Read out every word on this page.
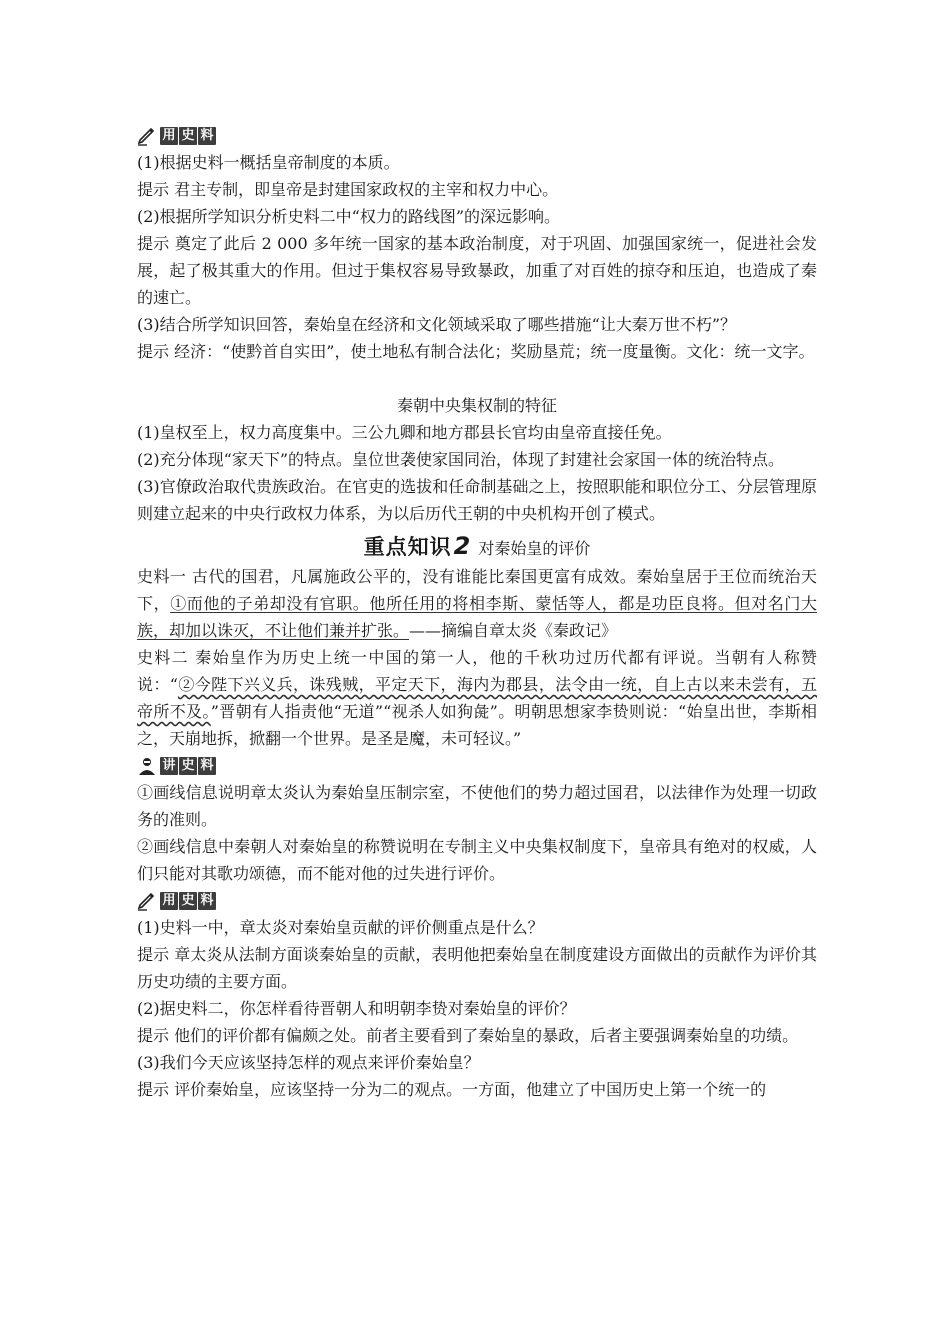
用 史 料
(1)根据史料一概括皇帝制度的本质。
提示 君主专制，即皇帝是封建国家政权的主宰和权力中心。
(2)根据所学知识分析史料二中“权力的路线图”的深远影响。
提示 奠定了此后 2 000 多年统一国家的基本政治制度，对于巩固、加强国家统一，促进社会发展，起了极其重大的作用。但过于集权容易导致暴政，加重了对百姓的掠夺和压迫，也造成了秦的速亡。
(3)结合所学知识回答，秦始皇在经济和文化领域采取了哪些措施“让大秦万世不朽”？
提示 经济：“使黔首自实田”，使土地私有制合法化；奖励垦荒；统一度量衡。文化：统一文字。
秦朝中央集权制的特征
(1)皇权至上，权力高度集中。三公九卿和地方郡县长官均由皇帝直接任免。
(2)充分体现“家天下”的特点。皇位世袭使家国同治，体现了封建社会家国一体的统治特点。
(3)官僚政治取代贵族政治。在官吏的选拔和任命制基础之上，按照职能和职位分工、分层管理原则建立起来的中央行政权力体系，为以后历代王朝的中央机构开创了模式。
重点知识2 对秦始皇的评价
史料一 古代的国君，凡属施政公平的，没有谁能比秦国更富有成效。秦始皇居于王位而统治天下，①而他的子弟却没有官职。他所任用的将相李斯、蒙恬等人，都是功臣良将。但对名门大族，却加以诛灭，不让他们兼并扩张。——摘编自章太炎《秦政记》
史料二 秦始皇作为历史上统一中国的第一人，他的千秋功过历代都有评说。当朝有人称赞说：“②今陛下兴义兵，诛残贼，平定天下，海内为郡县，法令由一统，自上古以来未尝有，五帝所不及。”晋朝有人指责他“无道”“视杀人如狗彘”。明朝思想家李贽则说：“始皇出世，李斯相之，天崩地拆，掀翻一个世界。是圣是魔，未可轻议。”
讲 史 料
①画线信息说明章太炎认为秦始皇压制宗室，不使他们的势力超过国君，以法律作为处理一切政务的准则。
②画线信息中秦朝人对秦始皇的称赞说明在专制主义中央集权制度下，皇帝具有绝对的权威，人们只能对其歌功颂德，而不能对他的过失进行评价。
用 史 料
(1)史料一中，章太炎对秦始皇贡献的评价侧重点是什么？
提示 章太炎从法制方面谈秦始皇的贡献，表明他把秦始皇在制度建设方面做出的贡献作为评价其历史功绩的主要方面。
(2)据史料二，你怎样看待晋朝人和明朝李贽对秦始皇的评价？
提示 他们的评价都有偏颇之处。前者主要看到了秦始皇的暴政，后者主要强调秦始皇的功绩。
(3)我们今天应该坚持怎样的观点来评价秦始皇？
提示 评价秦始皇，应该坚持一分为二的观点。一方面，他建立了中国历史上第一个统一的
